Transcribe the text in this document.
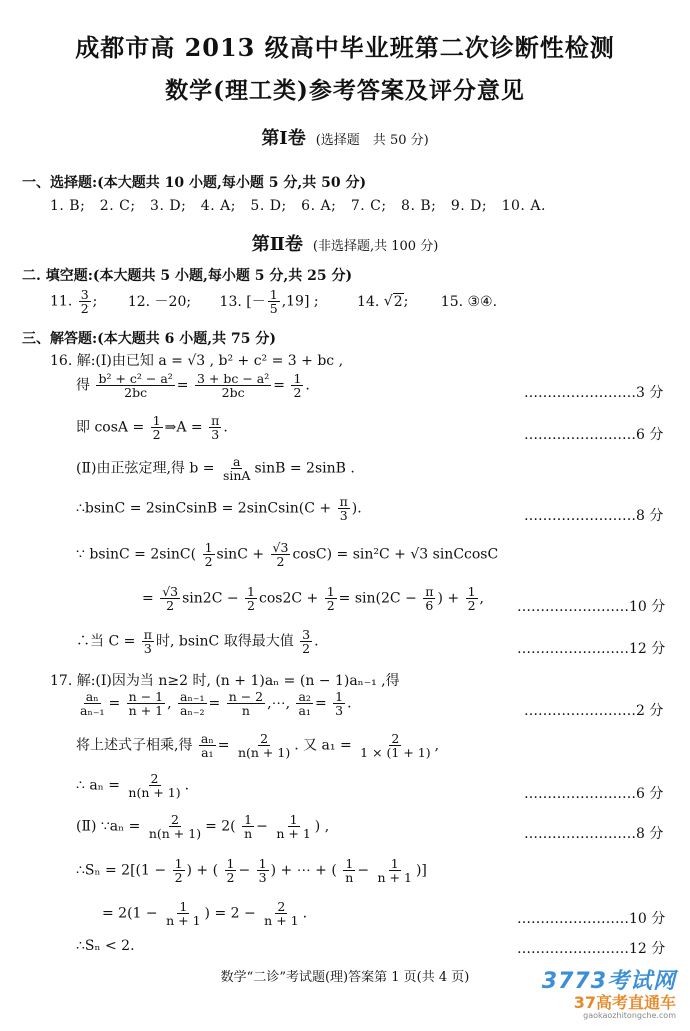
成都市高 2013 级高中毕业班第二次诊断性检测
数学(理工类)参考答案及评分意见
第Ⅰ卷 (选择题　共 50 分)
一、选择题:(本大题共 10 小题,每小题 5 分,共 50 分)
1. B;　2. C;　3. D;　4. A;　5. D;　6. A;　7. C;　8. B;　9. D;　10. A.
第Ⅱ卷 (非选择题,共 100 分)
二. 填空题:(本大题共 5 小题,每小题 5 分,共 25 分)
11. $\frac{3}{2}$ ; 12. －20; 13. [－ $\frac{1}{5} ,19$] ;	14. √2; 15. ③④.
三、解答题:(本大题共 6 小题,共 75 分)
16. 解:(Ⅰ)由已知 a = √3 , b² + c² = 3 + bc ,
得 $\frac{\text{b² + c² − a²}}{2bc} = \frac{\text{3 + bc − a²}}{2bc} = \frac{1}{2}$ .	……………………3 分
即 $\cos A = \frac{1}{2}$ ⇒A = $\frac{\pi}{3}$ .	……………………6 分
(Ⅱ)由正弦定理,得 $b = \frac{a}{\sin A}$ sinB = 2sinB .
∴bsinC = 2sinCsinB = 2sinCsin(C + $\frac{\pi}{3}$ ).	……………………8 分
∵ $bsinC = 2\sin C( \frac{1}{2}$ $\sin C + \frac{√3}{2} \cos C) = \sin^2C + √3$ sinCcosC
= $\frac{√3}{2} \sin 2C - \frac{1}{2} \cos 2C + \frac{1}{2} = \sin(2C - \frac{\pi}{6}$ ) + $\frac{1}{2}$ ,
……………………10 分
∴当 $C = \frac{\pi}{3}$ 时, bsinC 取得最大值 $\frac{3}{2}$ .	……………………12 分
17. 解:(Ⅰ)因为当 n≥2 时, (n + 1)aₙ = (n − 1)aₙ₋₁ ,得
$\frac{\text{aₙ}}{\text{aₙ₋₁}} = \frac{n - 1}{n + 1}$ , $\frac{\text{aₙ₋₁}}{\text{aₙ₋₂}} = \frac{n - 2}{n}$ ,⋯, $\frac{\text{a₂}}{\text{a₁}} = \frac{1}{3}$ .	……………………2 分
将上述式子相乘,得 $\frac{\text{aₙ}}{\text{a₁}} = \frac{2}{n(n + 1)}$ . 又 $a_1 = \frac{2}{1 \times (1 + 1)}$ ,
∴ $a_n = \frac{2}{n(n + 1)}$ .
……………………6 分
(Ⅱ) ∵aₙ = $\frac{2}{n(n + 1)} = 2( \frac{1}{n} - \frac{1}{n + 1}$ ) ,	……………………8 分
∴Sₙ = $2[(1 - \frac{1}{2}$ ) + ( $\frac{1}{2} - \frac{1}{3}$ ) + ⋯ + ( $\frac{1}{n} - \frac{1}{n + 1}$ )]
= $2(1 - \frac{1}{n + 1}$ ) = $2 - \frac{2}{n + 1}$ .	……………………10 分
∴Sₙ < 2.	……………………12 分
数学“二诊”考试题(理)答案第 1 页(共 4 页)	3773考试网
37高考直通车
gaokaozhitongche.com
